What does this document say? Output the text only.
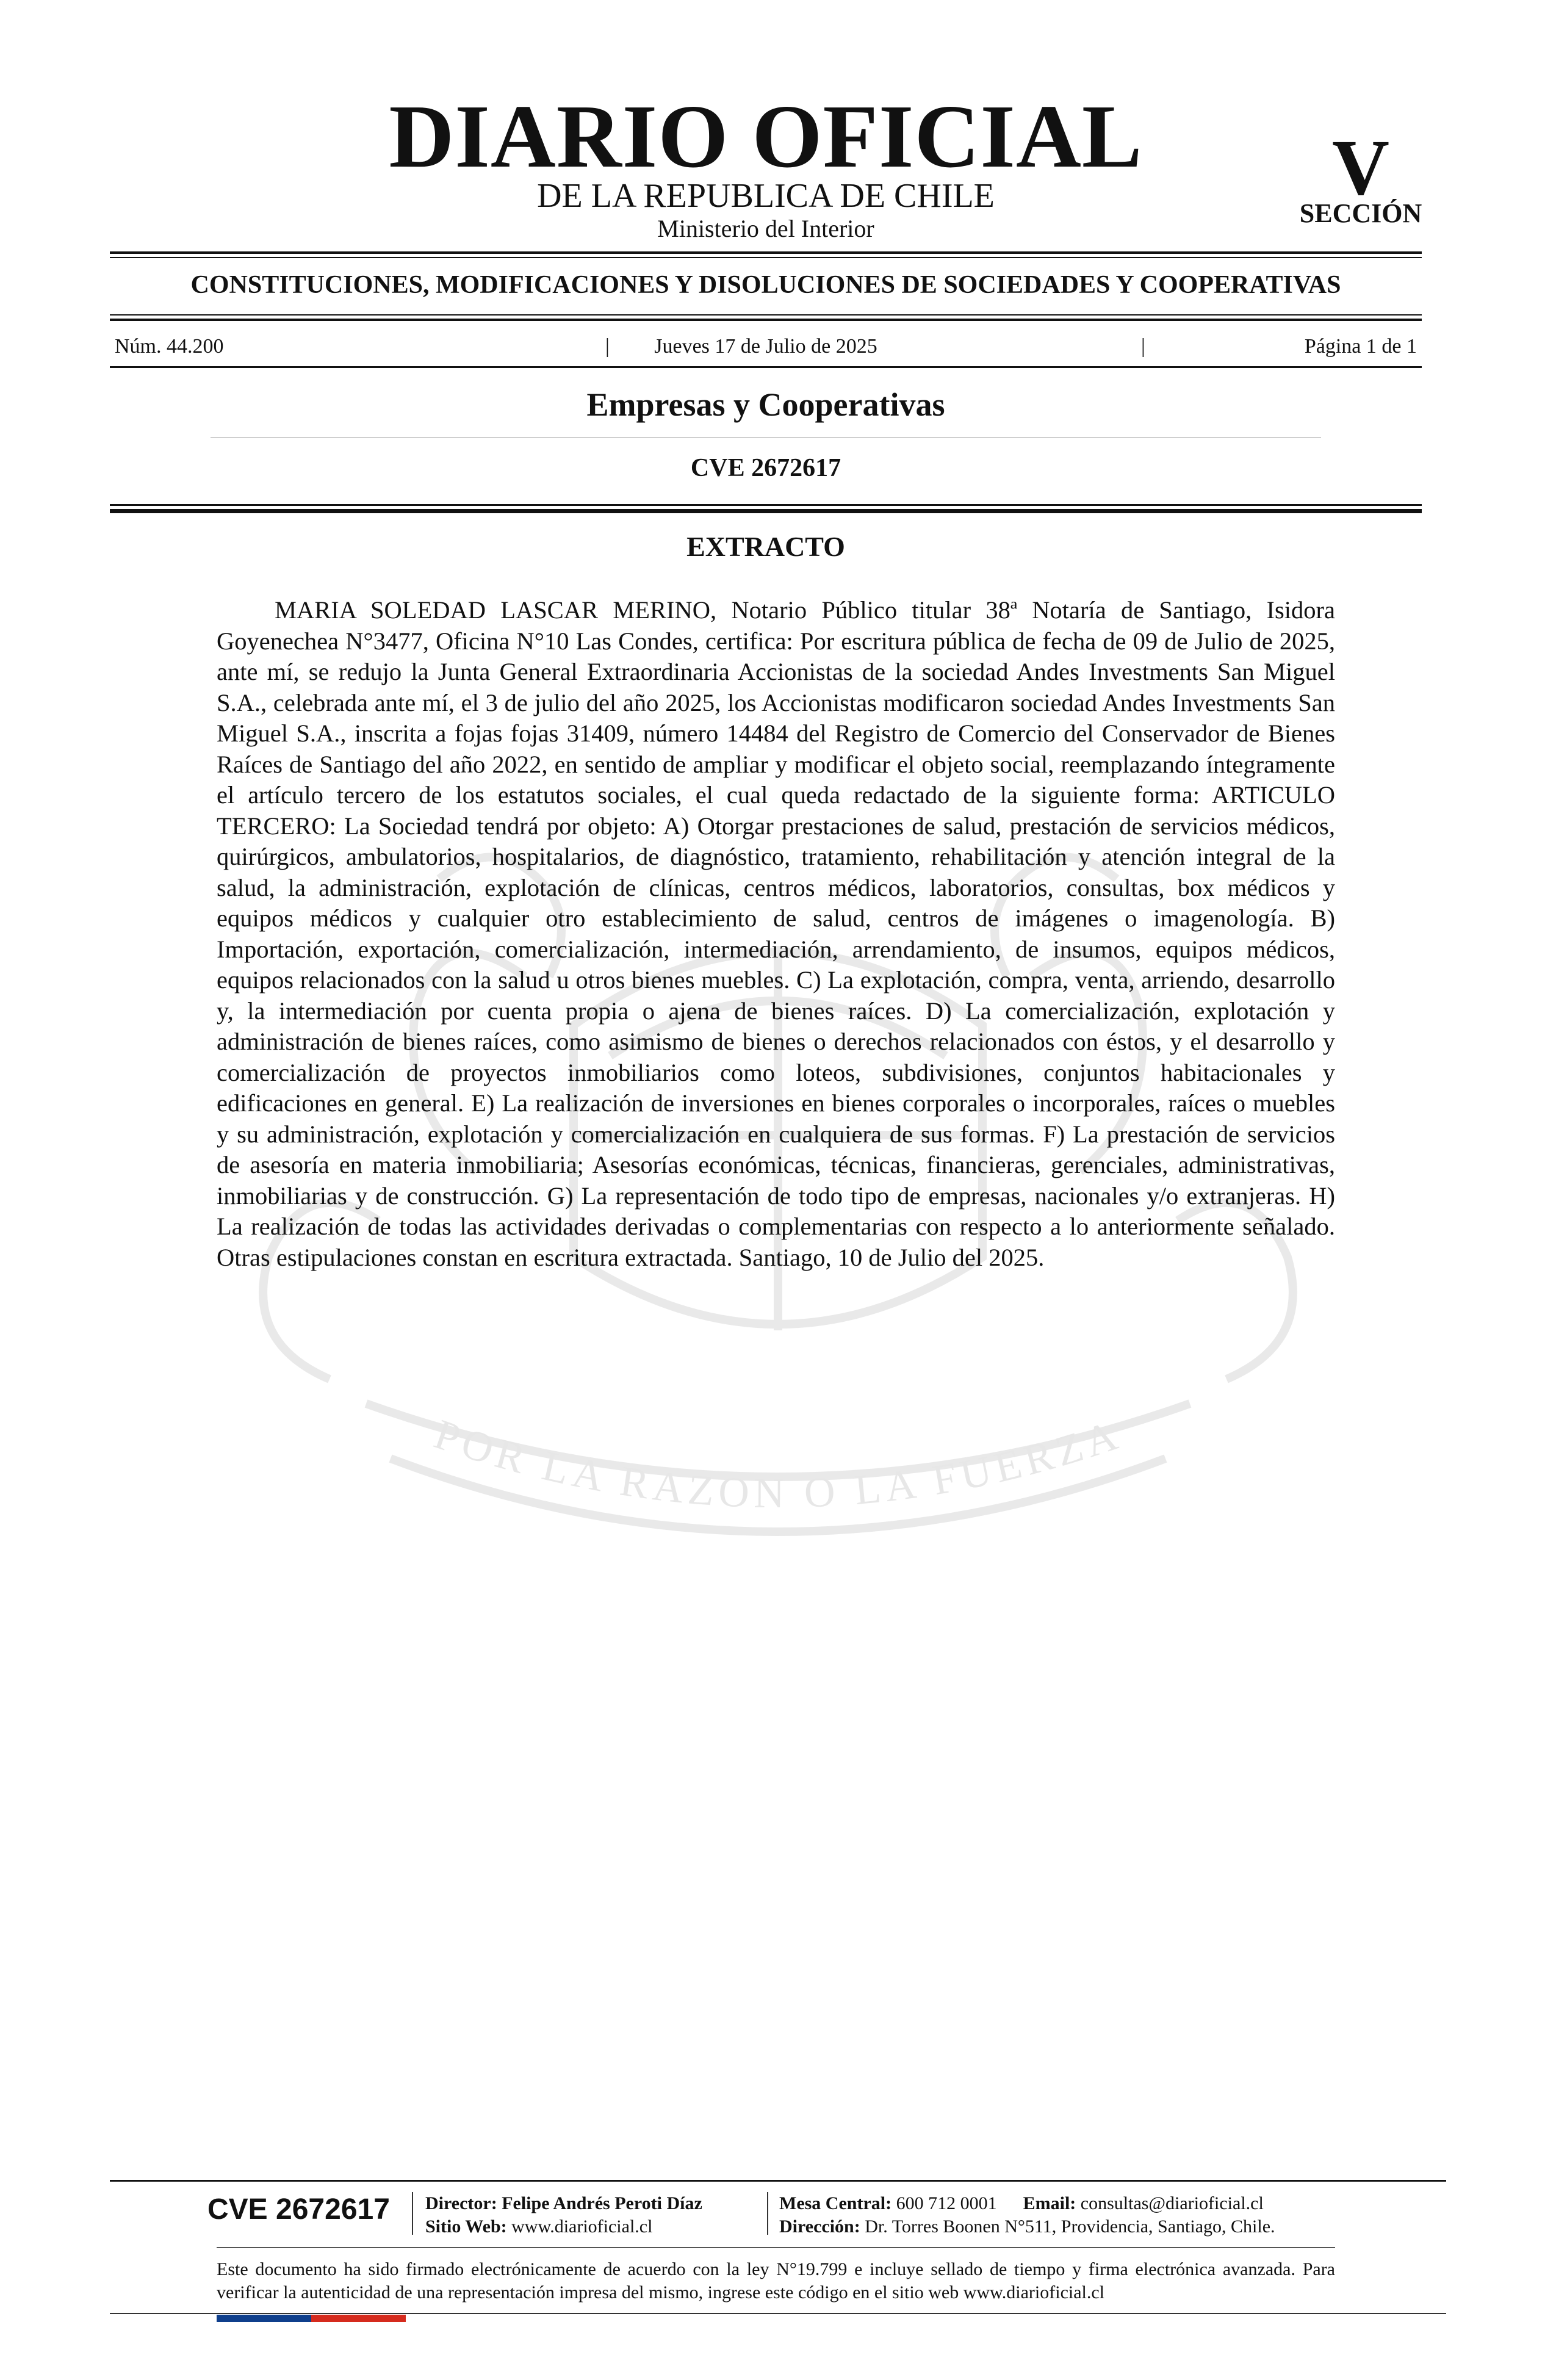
POR LA RAZON O LA FUERZA
DIARIO OFICIAL
DE LA REPUBLICA DE CHILE
Ministerio del Interior
V
SECCIÓN
CONSTITUCIONES, MODIFICACIONES Y DISOLUCIONES DE SOCIEDADES Y COOPERATIVAS
Núm. 44.200	|	Jueves 17 de Julio de 2025	|	Página 1 de 1
Empresas y Cooperativas
CVE 2672617
EXTRACTO

MARIA SOLEDAD LASCAR MERINO, Notario Público titular 38ª Notaría de Santiago, Isidora Goyenechea N°3477, Oficina N°10 Las Condes, certifica: Por escritura pública de fecha de 09 de Julio de 2025, ante mí, se redujo la Junta General Extraordinaria Accionistas de la sociedad Andes Investments San Miguel S.A., celebrada ante mí, el 3 de julio del año 2025, los Accionistas modificaron sociedad Andes Investments San Miguel S.A., inscrita a fojas fojas 31409, número 14484 del Registro de Comercio del Conservador de Bienes Raíces de Santiago del año 2022, en sentido de ampliar y modificar el objeto social, reemplazando íntegramente el artículo tercero de los estatutos sociales, el cual queda redactado de la siguiente forma: ARTICULO TERCERO: La Sociedad tendrá por objeto: A) Otorgar prestaciones de salud, prestación de servicios médicos, quirúrgicos, ambulatorios, hospitalarios, de diagnóstico, tratamiento, rehabilitación y atención integral de la salud, la administración, explotación de clínicas, centros médicos, laboratorios, consultas, box médicos y equipos médicos y cualquier otro establecimiento de salud, centros de imágenes o imagenología. B) Importación, exportación, comercialización, intermediación, arrendamiento, de insumos, equipos médicos, equipos relacionados con la salud u otros bienes muebles. C) La explotación, compra, venta, arriendo, desarrollo y, la intermediación por cuenta propia o ajena de bienes raíces. D) La comercialización, explotación y administración de bienes raíces, como asimismo de bienes o derechos relacionados con éstos, y el desarrollo y comercialización de proyectos inmobiliarios como loteos, subdivisiones, conjuntos habitacionales y edificaciones en general. E) La realización de inversiones en bienes corporales o incorporales, raíces o muebles y su administración, explotación y comercialización en cualquiera de sus formas. F) La prestación de servicios de asesoría en materia inmobiliaria; Asesorías económicas, técnicas, financieras, gerenciales, administrativas, inmobiliarias y de construcción. G) La representación de todo tipo de empresas, nacionales y/o extranjeras. H) La realización de todas las actividades derivadas o complementarias con respecto a lo anteriormente señalado. Otras estipulaciones constan en escritura extractada. Santiago, 10 de Julio del 2025.

CVE 2672617	Director: Felipe Andrés Peroti Díaz
Sitio Web: www.diarioficial.cl
Mesa Central: 600 712 0001 Email: consultas@diarioficial.cl
Dirección: Dr. Torres Boonen N°511, Providencia, Santiago, Chile.

Este documento ha sido firmado electrónicamente de acuerdo con la ley N°19.799 e incluye sellado de tiempo y firma electrónica avanzada. Para verificar la autenticidad de una representación impresa del mismo, ingrese este código en el sitio web www.diarioficial.cl
